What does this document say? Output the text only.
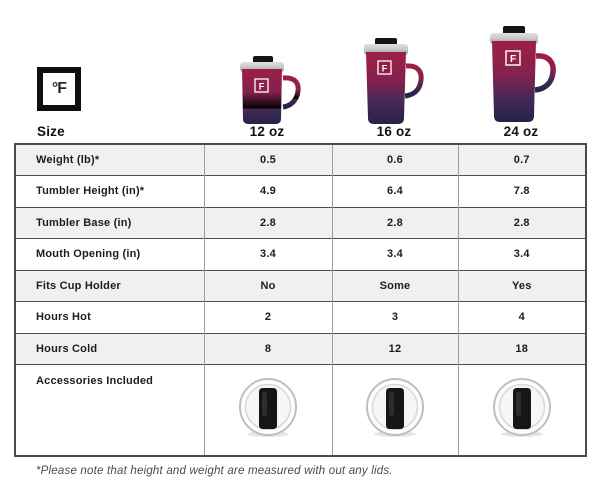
°F	F
F
F
Size	12 oz	16 oz	24 oz
Weight (lb)*	0.5	0.6	0.7
Tumbler Height (in)*	4.9	6.4	7.8
Tumbler Base (in)	2.8	2.8	2.8
Mouth Opening (in)	3.4	3.4	3.4
Fits Cup Holder	No	Some	Yes
Hours Hot	2	3	4
Hours Cold	8	12	18
Accessories Included			
*Please note that height and weight are measured with out any lids.
